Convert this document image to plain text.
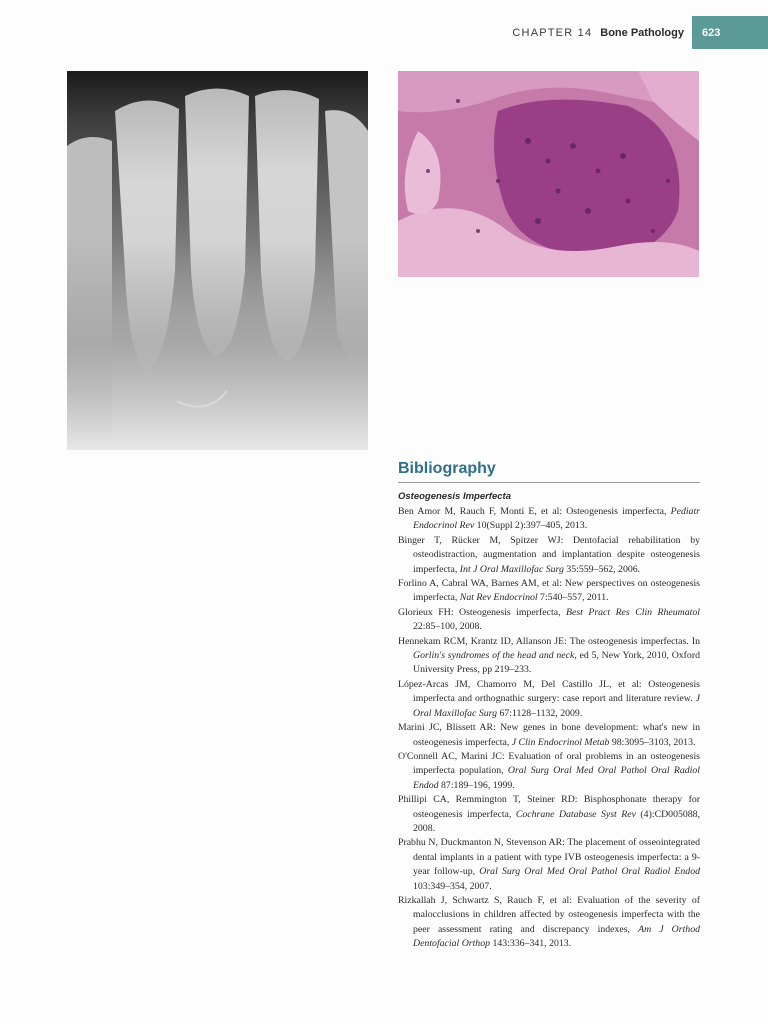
CHAPTER 14 Bone Pathology	623
Bibliography
Osteogenesis Imperfecta
Ben Amor M, Rauch F, Monti E, et al: Osteogenesis imperfecta, Pediatr Endocrinol Rev 10(Suppl 2):397–405, 2013.
Binger T, Rücker M, Spitzer WJ: Dentofacial rehabilitation by osteodistraction, augmentation and implantation despite osteogenesis imperfecta, Int J Oral Maxillofac Surg 35:559–562, 2006.
Forlino A, Cabral WA, Barnes AM, et al: New perspectives on osteogenesis imperfecta, Nat Rev Endocrinol 7:540–557, 2011.
Glorieux FH: Osteogenesis imperfecta, Best Pract Res Clin Rheumatol 22:85–100, 2008.
Hennekam RCM, Krantz ID, Allanson JE: The osteogenesis imperfectas. In Gorlin's syndromes of the head and neck, ed 5, New York, 2010, Oxford University Press, pp 219–233.
López-Arcas JM, Chamorro M, Del Castillo JL, et al: Osteogenesis imperfecta and orthognathic surgery: case report and literature review. J Oral Maxillofac Surg 67:1128–1132, 2009.
Marini JC, Blissett AR: New genes in bone development: what's new in osteogenesis imperfecta, J Clin Endocrinol Metab 98:3095–3103, 2013.
O'Connell AC, Marini JC: Evaluation of oral problems in an osteogenesis imperfecta population, Oral Surg Oral Med Oral Pathol Oral Radiol Endod 87:189–196, 1999.
Phillipi CA, Remmington T, Steiner RD: Bisphosphonate therapy for osteogenesis imperfecta, Cochrane Database Syst Rev (4):CD005088, 2008.
Prabhu N, Duckmanton N, Stevenson AR: The placement of osseointegrated dental implants in a patient with type IVB osteogenesis imperfecta: a 9-year follow-up, Oral Surg Oral Med Oral Pathol Oral Radiol Endod 103:349–354, 2007.
Rizkallah J, Schwartz S, Rauch F, et al: Evaluation of the severity of malocclusions in children affected by osteogenesis imperfecta with the peer assessment rating and discrepancy indexes, Am J Orthod Dentofacial Orthop 143:336–341, 2013.
